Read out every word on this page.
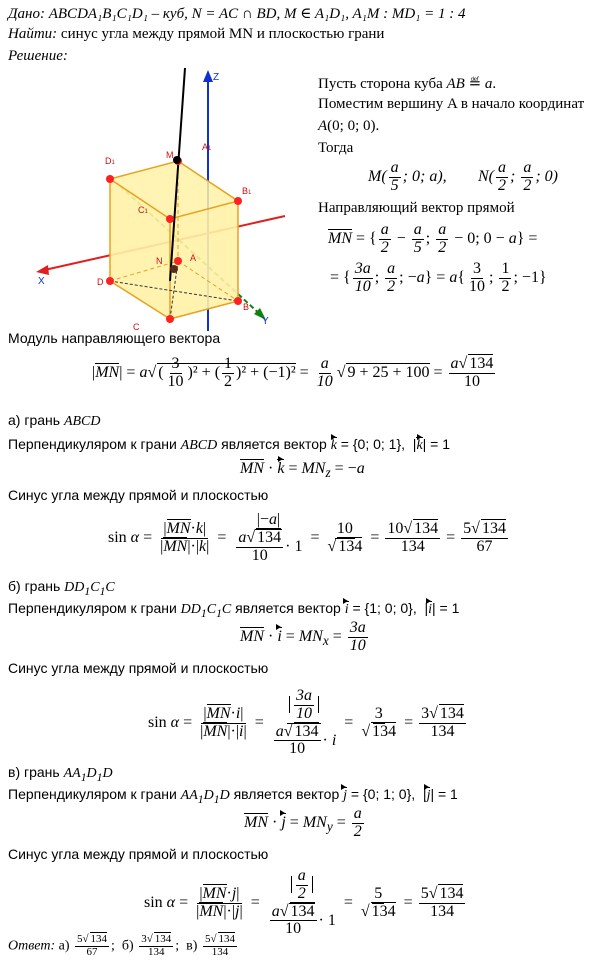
Дано: ABCDA₁B₁C₁D₁ – куб, N = AC ∩ BD, M ∈ A₁D₁, A₁M : MD₁ = 1 : 4
Найти: синус угла между прямой MN и плоскостью грани
Решение:
Z
X
Y
D1
M
A1
B1
C1
D
A
N
B
C
Пусть сторона куба AB ≝ a.
Поместим вершину A в начало координат
A(0; 0; 0).
Тогда
$M( \frac{a}{5}$ ; 0; a), $N( \frac{a}{2}$ ; $\frac{a}{2}$ ; 0)
Направляющий вектор прямой
MN = { $\frac{a}{2} - \frac{a}{5}$ ; $\frac{a}{2} - 0$; 0 − a} =
= { $\frac{3a}{10}$ ; $\frac{a}{2}$ ; $-a\} = a\{ \frac{3}{10}$ ; $\frac{1}{2}$ ; −1}
Модуль направляющего вектора
|MN| = a√ ( $\frac{3}{10} )^2$ + ( $\frac{1}{2} )^2 + (-1)^2 = \frac{a}{10}$ √ $9 + 25 + 100 = \frac{a√ 134}{10}$
а) грань ABCD
Перпендикуляром к грани ABCD является вектор k = {0; 0; 1},  |k| = 1
MN · $k = MN_z = -a$
Синус угла между прямой и плоскостью
$\sin \alpha = \frac{|MN\cdot k|}{|MN|\cdot|k|} = \frac{|-a|}{\frac{a√ 134}{10} \cdot 1} = \frac{10}{√ 134} = \frac{10√ 134}{134} = \frac{5√ 134}{67}$
б) грань $DD_1C_1C$
Перпендикуляром к грани $DD_1C_1C$ является вектор i = {1; 0; 0},  |i| = 1
MN · $i = MN_x = \frac{3a}{10}$
Синус угла между прямой и плоскостью
$\sin \alpha = \frac{|MN\cdot i|}{|MN|\cdot|i|} = \frac{\frac{3a}{10}}{\frac{a√ 134}{10} \cdot i} = \frac{3}{√ 134} = \frac{3√ 134}{134}$
в) грань $AA_1D_1D$
Перпендикуляром к грани $AA_1D_1D$ является вектор j = {0; 1; 0},  |j| = 1
MN · $j = MN_y = \frac{a}{2}$
Синус угла между прямой и плоскостью
$\sin \alpha = \frac{|MN\cdot j|}{|MN|\cdot|j|} = \frac{\frac{a}{2}}{\frac{a√ 134}{10} \cdot 1} = \frac{5}{√ 134} = \frac{5√ 134}{134}$
Ответ: $а) \frac{5√ 134}{67}$ ;  $б) \frac{3√ 134}{134}$ ;  $в) \frac{5√ 134}{134}$
